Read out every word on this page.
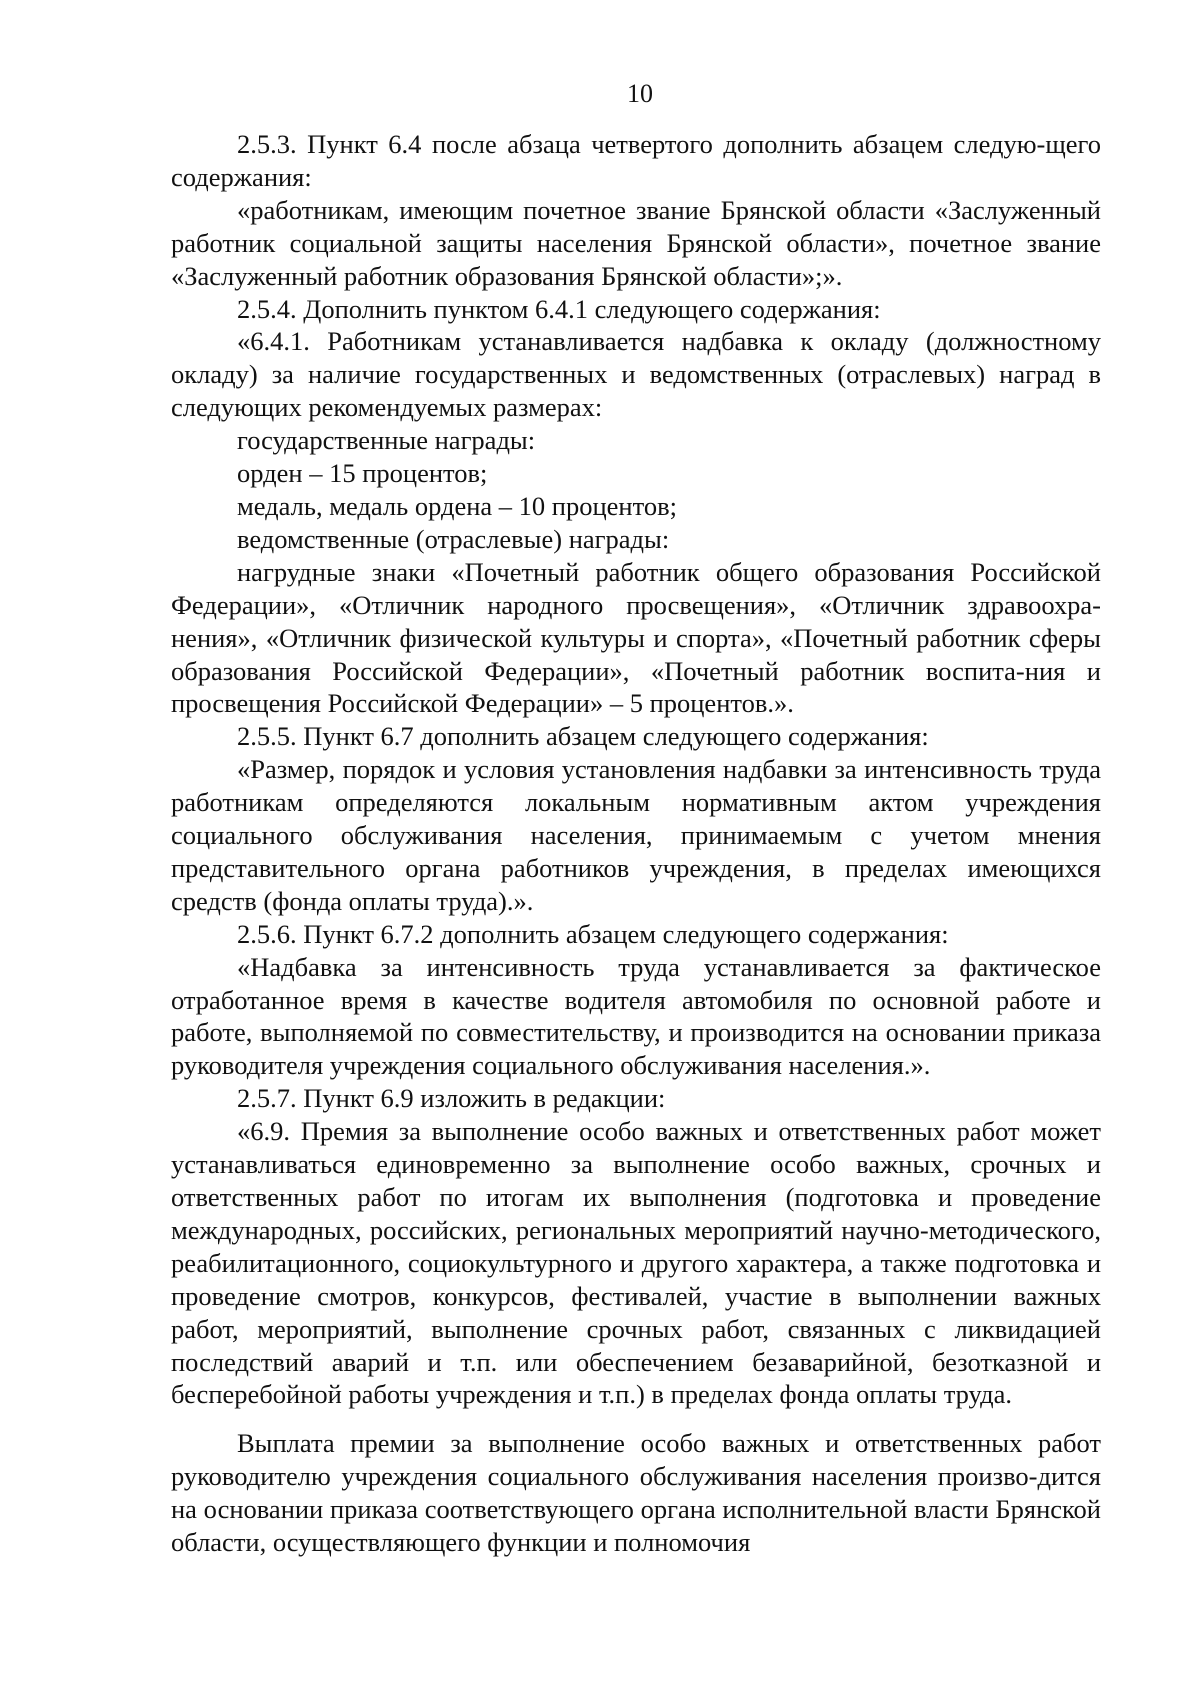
10

2.5.3. Пункт 6.4 после абзаца четвертого дополнить абзацем следую-щего содержания:

«работникам, имеющим почетное звание Брянской области «Заслуженный работник социальной защиты населения Брянской области», почетное звание «Заслуженный работник образования Брянской области»;».

2.5.4. Дополнить пунктом 6.4.1 следующего содержания:

«6.4.1. Работникам устанавливается надбавка к окладу (должностному окладу) за наличие государственных и ведомственных (отраслевых) наград в следующих рекомендуемых размерах:

государственные награды:

орден – 15 процентов;

медаль, медаль ордена – 10 процентов;

ведомственные (отраслевые) награды:

нагрудные знаки «Почетный работник общего образования Российской Федерации», «Отличник народного просвещения», «Отличник здравоохра-нения», «Отличник физической культуры и спорта», «Почетный работник сферы образования Российской Федерации», «Почетный работник воспита-ния и просвещения Российской Федерации» – 5 процентов.».

2.5.5. Пункт 6.7 дополнить абзацем следующего содержания:

«Размер, порядок и условия установления надбавки за интенсивность труда работникам определяются локальным нормативным актом учреждения социального обслуживания населения, принимаемым с учетом мнения представительного органа работников учреждения, в пределах имеющихся средств (фонда оплаты труда).».

2.5.6. Пункт 6.7.2 дополнить абзацем следующего содержания:

«Надбавка за интенсивность труда устанавливается за фактическое отработанное время в качестве водителя автомобиля по основной работе и работе, выполняемой по совместительству, и производится на основании приказа руководителя учреждения социального обслуживания населения.».

2.5.7. Пункт 6.9 изложить в редакции:

«6.9. Премия за выполнение особо важных и ответственных работ может устанавливаться единовременно за выполнение особо важных, срочных и ответственных работ по итогам их выполнения (подготовка и проведение международных, российских, региональных мероприятий научно-методического, реабилитационного, социокультурного и другого характера, а также подготовка и проведение смотров, конкурсов, фестивалей, участие в выполнении важных работ, мероприятий, выполнение срочных работ, связанных с ликвидацией последствий аварий и т.п. или обеспечением безаварийной, безотказной и бесперебойной работы учреждения и т.п.) в пределах фонда оплаты труда.

Выплата премии за выполнение особо важных и ответственных работ руководителю учреждения социального обслуживания населения произво-дится на основании приказа соответствующего органа исполнительной власти Брянской области, осуществляющего функции и полномочия
